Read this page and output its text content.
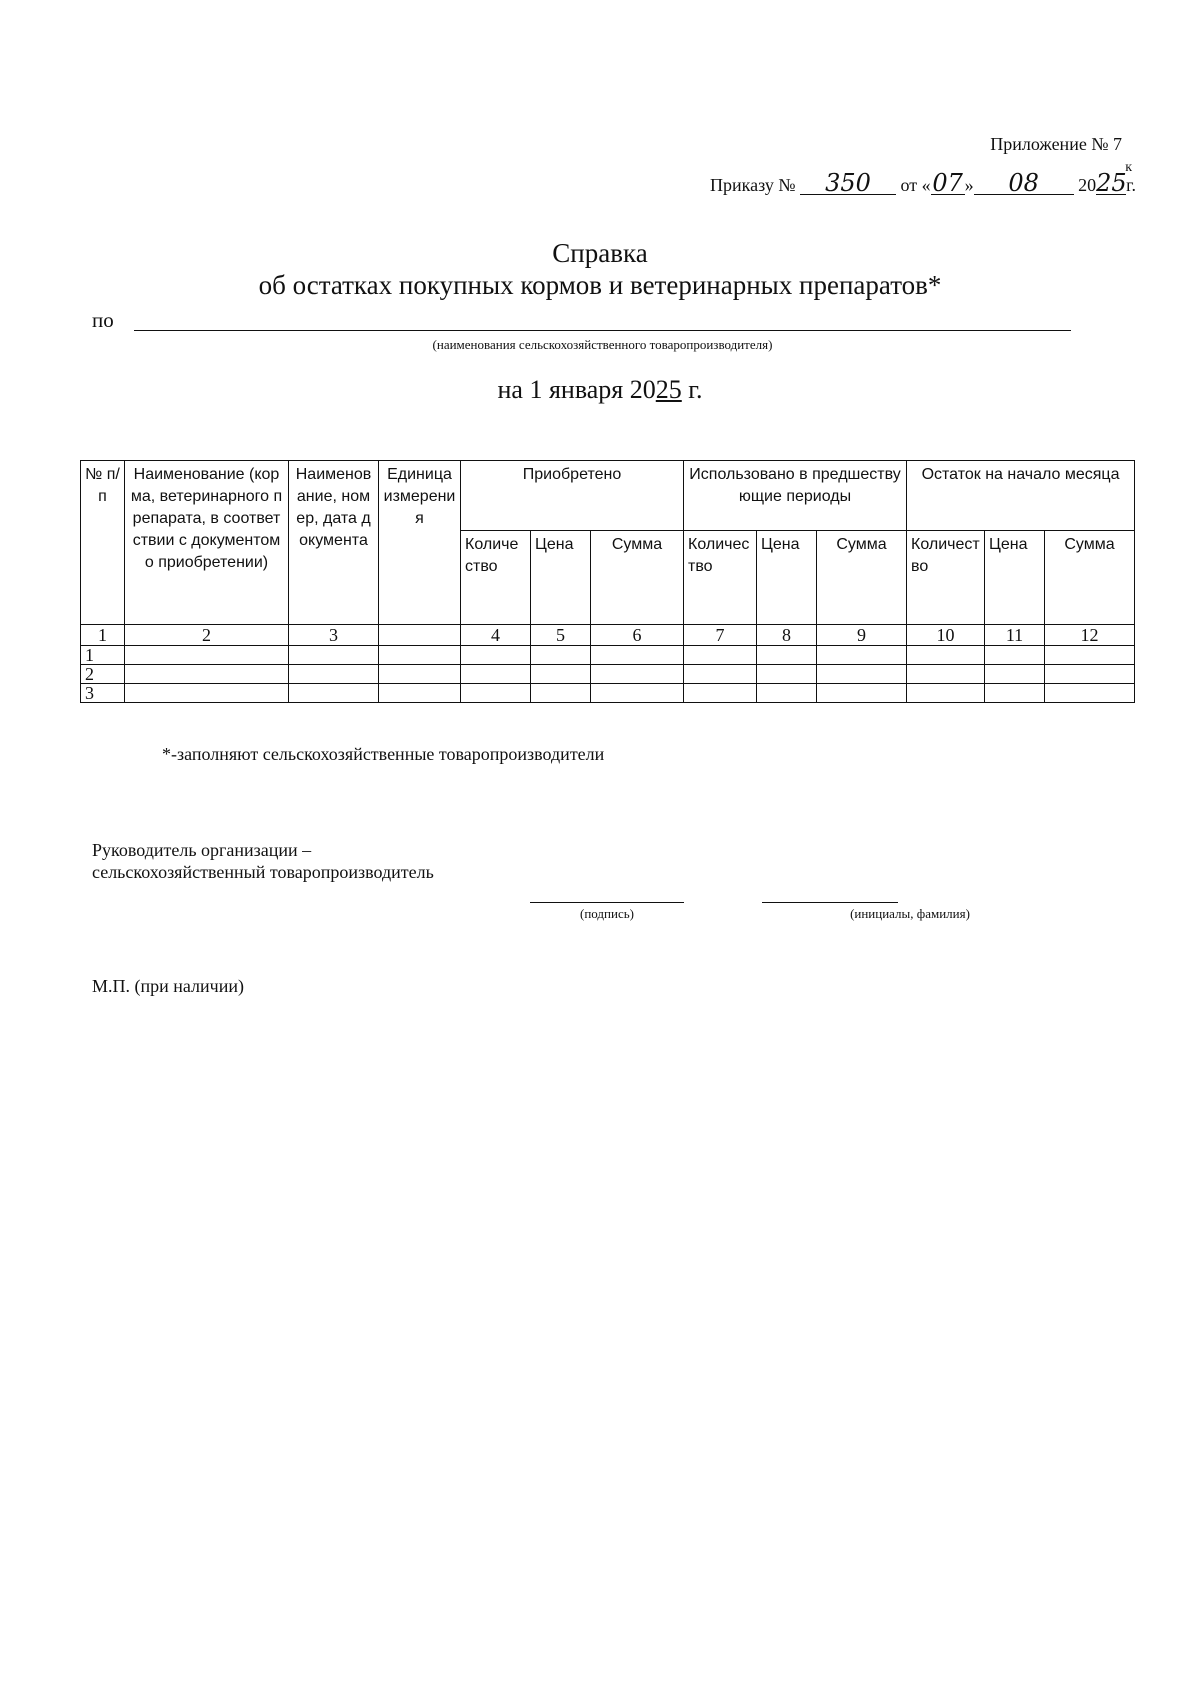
Приложение № 7
Приказу № 350 от «07» 08 2025г.
к
Справка
об остатках покупных кормов и ветеринарных препаратов*
по
(наименования сельскохозяйственного товаропроизводителя)
на 1 января 2025 г.
№ п/ п	Наименование (корма, ветеринарного препарата, в соответствии с документом о приобретении)	Наименование, номер, дата документа	Единица измерения	Приобретено			Использовано в предшествующие периоды			Остаток на начало месяца		
				Количество	Цена	Сумма	Количество	Цена	Сумма	Количество	Цена	Сумма
1	2	3		4	5	6	7	8	9	10	11	12
1												
2												
3												
*-заполняют сельскохозяйственные товаропроизводители
Руководитель организации –
сельскохозяйственный товаропроизводитель
(подпись)	(инициалы, фамилия)
М.П. (при наличии)
